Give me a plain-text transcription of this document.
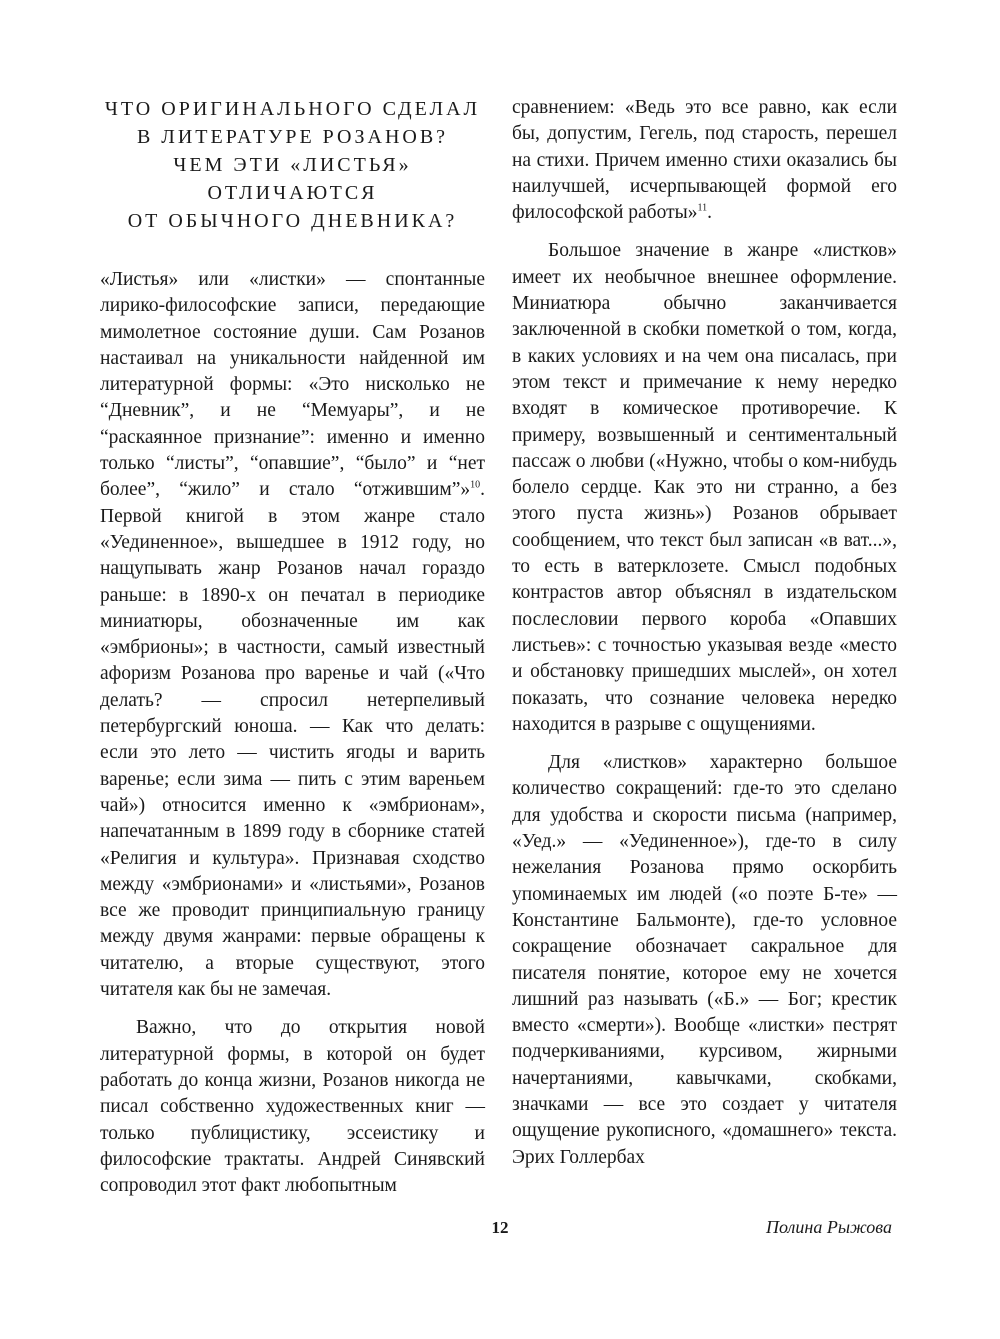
ЧТО ОРИГИНАЛЬНОГО СДЕЛАЛ
В ЛИТЕРАТУРЕ РОЗАНОВ?
ЧЕМ ЭТИ «ЛИСТЬЯ»
ОТЛИЧАЮТСЯ
ОТ ОБЫЧНОГО ДНЕВНИКА?

«Листья» или «листки» — спонтанные лирико-философские записи, передающие мимолетное состояние души. Сам Розанов настаивал на уникальности найденной им литературной формы: «Это нисколько не “Дневник”, и не “Мемуары”, и не “раскаянное признание”: именно и именно только “листы”, “опавшие”, “было” и “нет более”, “жило” и стало “отжившим”»$^{10}$. Первой книгой в этом жанре стало «Уединенное», вышедшее в 1912 году, но нащупывать жанр Розанов начал гораздо раньше: в 1890-х он печатал в периодике миниатюры, обозначенные им как «эмбрионы»; в частности, самый известный афоризм Розанова про варенье и чай («Что делать? — спросил нетерпеливый петербургский юноша. — Как что делать: если это лето — чистить ягоды и варить варенье; если зима — пить с этим вареньем чай») относится именно к «эмбрионам», напечатанным в 1899 году в сборнике статей «Религия и культура». Признавая сходство между «эмбрионами» и «листьями», Розанов все же проводит принципиальную границу между двумя жанрами: первые обращены к читателю, а вторые существуют, этого читателя как бы не замечая.

Важно, что до открытия новой литературной формы, в которой он будет работать до конца жизни, Розанов никогда не писал собственно художественных книг — только публицистику, эссеистику и философские трактаты. Андрей Синявский сопроводил этот факт любопытным

сравнением: «Ведь это все равно, как если бы, допустим, Гегель, под старость, перешел на стихи. Причем именно стихи оказались бы наилучшей, исчерпывающей формой его философской работы»$^{11}$.

Большое значение в жанре «листков» имеет их необычное внешнее оформление. Миниатюра обычно заканчивается заключенной в скобки пометкой о том, когда, в каких условиях и на чем она писалась, при этом текст и примечание к нему нередко входят в комическое противоречие. К примеру, возвышенный и сентиментальный пассаж о любви («Нужно, чтобы о ком-нибудь болело сердце. Как это ни странно, а без этого пуста жизнь») Розанов обрывает сообщением, что текст был записан «в ват...», то есть в ватерклозете. Смысл подобных контрастов автор объяснял в издательском послесловии первого короба «Опавших листьев»: с точностью указывая везде «место и обстановку пришедших мыслей», он хотел показать, что сознание человека нередко находится в разрыве с ощущениями.

Для «листков» характерно большое количество сокращений: где-то это сделано для удобства и скорости письма (например, «Уед.» — «Уединенное»), где-то в силу нежелания Розанова прямо оскорбить упоминаемых им людей («о поэте Б-те» — Константине Бальмонте), где-то условное сокращение обозначает сакральное для писателя понятие, которое ему не хочется лишний раз называть («Б.» — Бог; крестик вместо «смерти»). Вообще «листки» пестрят подчеркиваниями, курсивом, жирными начертаниями, кавычками, скобками, значками — все это создает у читателя ощущение рукописного, «домашнего» текста. Эрих Голлербах

12	Полина Рыжова
